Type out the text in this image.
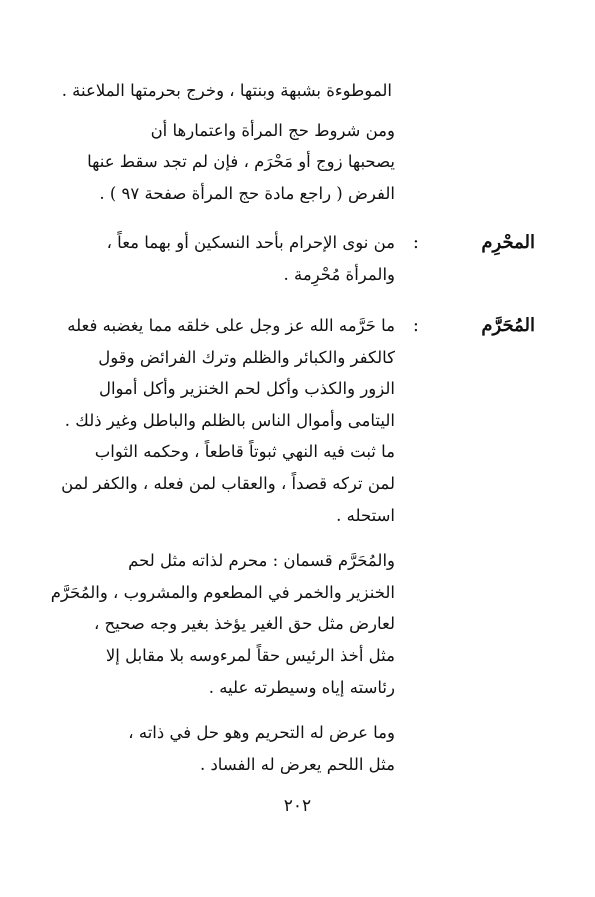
الموطوءة بشبهة وبنتها ، وخرج بحرمتها الملاعنة .
ومن شروط حج المرأة واعتمارها أن
يصحبها زوج أو مَحْرَم ، فإن لم تجد سقط عنها
الفرض ( راجع مادة حج المرأة صفحة ٩٧ ) .
المحْرِم
:
من نوى الإحرام بأحد النسكين أو بهما معاً ،
والمرأة مُحْرِمة .
المُحَرَّم
:
ما حَرَّمه الله عز وجل على خلقه مما يغضبه فعله
كالكفر والكبائر والظلم وترك الفرائض وقول
الزور والكذب وأكل لحم الخنزير وأكل أموال
اليتامى وأموال الناس بالظلم والباطل وغير ذلك .
ما ثبت فيه النهي ثبوتاً قاطعاً ، وحكمه الثواب
لمن تركه قصداً ، والعقاب لمن فعله ، والكفر لمن
استحله .
والمُحَرَّم قسمان : محرم لذاته مثل لحم
الخنزير والخمر في المطعوم والمشروب ، والمُحَرَّم
لعارض مثل حق الغير يؤخذ بغير وجه صحيح ،
مثل أخذ الرئيس حقاً لمرءوسه بلا مقابل إلا
رئاسته إياه وسيطرته عليه .
وما عرض له التحريم وهو حل في ذاته ،
مثل اللحم يعرض له الفساد .
٢٠٢
